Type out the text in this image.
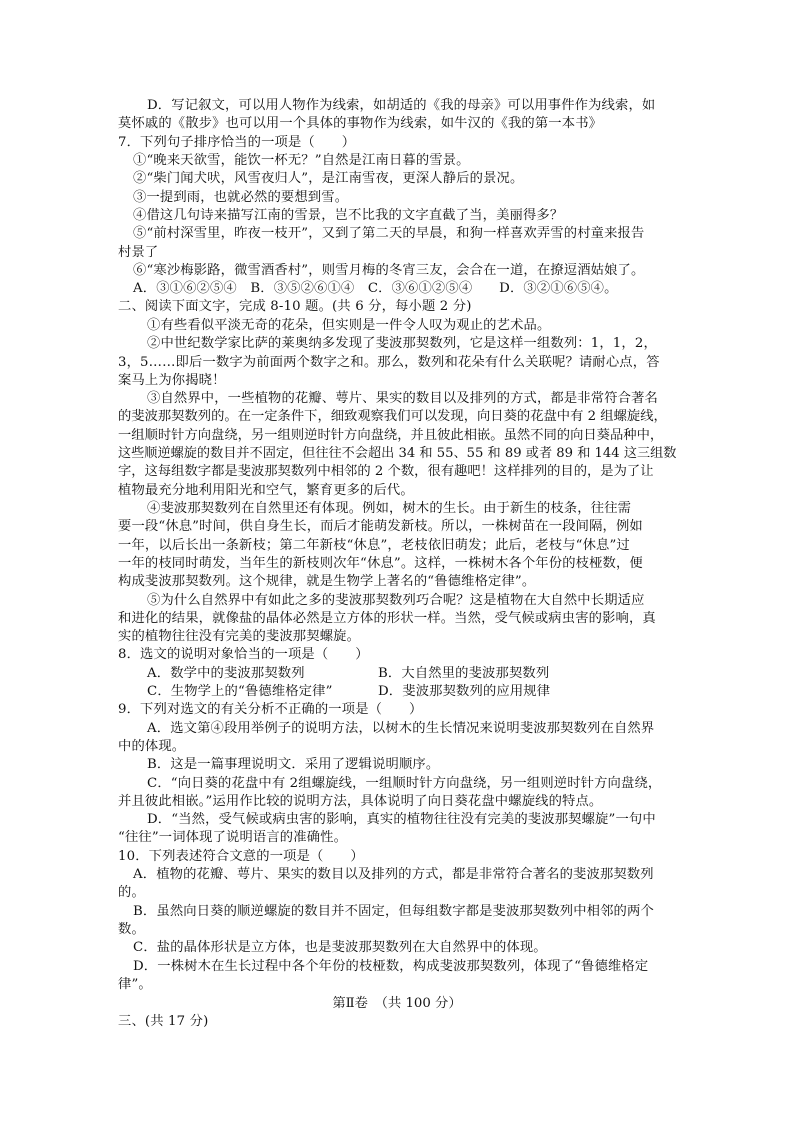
D．写记叙文，可以用人物作为线索，如胡适的《我的母亲》可以用事件作为线索，如
莫怀戚的《散步》也可以用一个具体的事物作为线索，如牛汉的《我的第一本书》
7．下列句子排序恰当的一项是（　　）
①“晚来天欲雪，能饮一杯无？”自然是江南日暮的雪景。
②“柴门闻犬吠，风雪夜归人”，是江南雪夜，更深人静后的景况。
③一提到雨，也就必然的要想到雪。
④借这几句诗来描写江南的雪景，岂不比我的文字直截了当，美丽得多？
⑤“前村深雪里，昨夜一枝开”，又到了第二天的早晨，和狗一样喜欢弄雪的村童来报告
村景了
⑥“寒沙梅影路，微雪酒香村”，则雪月梅的冬宵三友，会合在一道，在撩逗酒姑娘了。
A．③①⑥②⑤④　B．③⑤②⑥①④　C．③⑥①②⑤④　　D．③②①⑥⑤④。
二、阅读下面文字，完成 8-10 题。(共 6 分，每小题 2 分)
①有些看似平淡无奇的花朵，但实则是一件令人叹为观止的艺术品。
②中世纪数学家比萨的莱奥纳多发现了斐波那契数列，它是这样一组数列：1，1，2，
3，5……即后一数字为前面两个数字之和。那么，数列和花朵有什么关联呢？请耐心点，答
案马上为你揭晓！
③自然界中，一些植物的花瓣、萼片、果实的数目以及排列的方式，都是非常符合著名
的斐波那契数列的。在一定条件下，细致观察我们可以发现，向日葵的花盘中有 2 组螺旋线，
一组顺时针方向盘绕，另一组则逆时针方向盘绕，并且彼此相嵌。虽然不同的向日葵品种中，
这些顺逆螺旋的数目并不固定，但往往不会超出 34 和 55、55 和 89 或者 89 和 144 这三组数
字，这每组数字都是斐波那契数列中相邻的 2 个数，很有趣吧！这样排列的目的，是为了让
植物最充分地利用阳光和空气，繁育更多的后代。
④斐波那契数列在自然里还有体现。例如，树木的生长。由于新生的枝条，往往需
要一段“休息”时间，供自身生长，而后才能萌发新枝。所以，一株树苗在一段间隔，例如
一年，以后长出一条新枝；第二年新枝“休息”，老枝依旧萌发；此后，老枝与“休息”过
一年的枝同时萌发，当年生的新枝则次年“休息”。这样，一株树木各个年份的枝桠数，便
构成斐波那契数列。这个规律，就是生物学上著名的“鲁德维格定律”。
⑤为什么自然界中有如此之多的斐波那契数列巧合呢？这是植物在大自然中长期适应
和进化的结果，就像盐的晶体必然是立方体的形状一样。当然，受气候或病虫害的影响，真
实的植物往往没有完美的斐波那契螺旋。
8．选文的说明对象恰当的一项是（　　）
A．数学中的斐波那契数列	B．大自然里的斐波那契数列
C．生物学上的“鲁德维格定律”	D．斐波那契数列的应用规律
9．下列对选文的有关分析不正确的一项是（　　）
A．选文第④段用举例子的说明方法，以树木的生长情况来说明斐波那契数列在自然界
中的体现。
B．这是一篇事理说明文．采用了逻辑说明顺序。
C．“向日葵的花盘中有 2组螺旋线，一组顺时针方向盘绕，另一组则逆时针方向盘绕，
并且彼此相嵌。”运用作比较的说明方法，具体说明了向日葵花盘中螺旋线的特点。
D．“当然，受气候或病虫害的影响，真实的植物往往没有完美的斐波那契螺旋”一句中
“往往”一词体现了说明语言的准确性。
10．下列表述符合文意的一项是（　　）
A．植物的花瓣、萼片、果实的数目以及排列的方式，都是非常符合著名的斐波那契数列
的。
B．虽然向日葵的顺逆螺旋的数目并不固定，但每组数字都是斐波那契数列中相邻的两个
数。
C．盐的晶体形状是立方体，也是斐波那契数列在大自然界中的体现。
D．一株树木在生长过程中各个年份的枝桠数，构成斐波那契数列，体现了“鲁德维格定
律”。
第Ⅱ卷　（共 100 分）
三、(共 17 分)
